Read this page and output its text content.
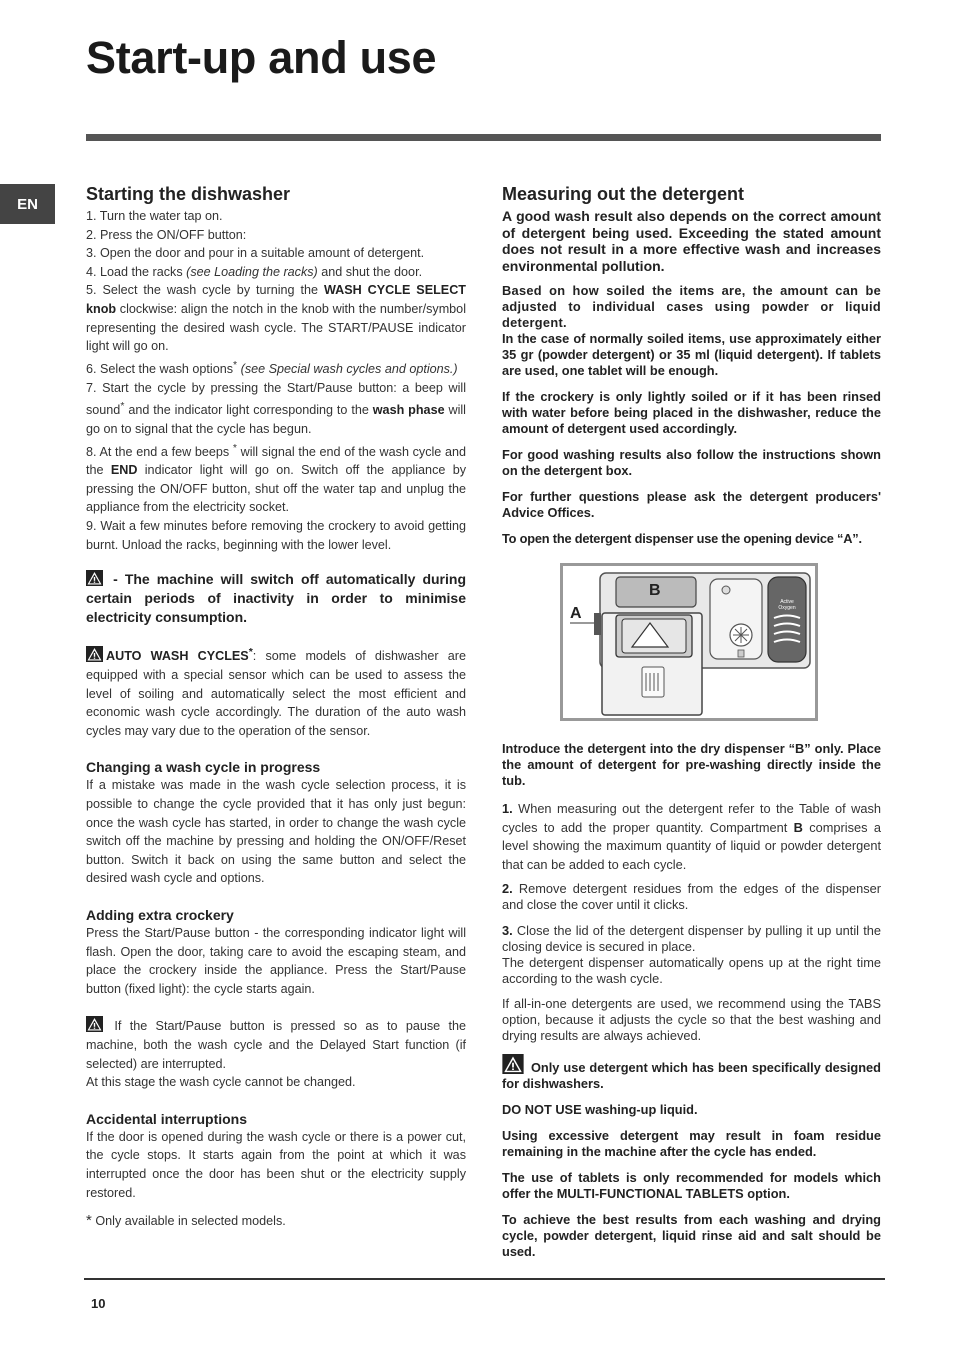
Start-up and use
EN	Starting the dishwasher

1. Turn the water tap on.

2. Press the ON/OFF button:

3. Open the door and pour in a suitable amount of detergent.

4. Load the racks (see Loading the racks) and shut the door.

5. Select the wash cycle by turning the WASH CYCLE SELECT knob clockwise: align the notch in the knob with the number/symbol representing the desired wash cycle. The START/PAUSE indicator light will go on.

6. Select the wash options* (see Special wash cycles and options.)

7. Start the cycle by pressing the Start/Pause button: a beep will sound* and the indicator light corresponding to the wash phase will go on to signal that the cycle has begun.

8. At the end a few beeps * will signal the end of the wash cycle and the END indicator light will go on. Switch off the appliance by pressing the ON/OFF button, shut off the water tap and unplug the appliance from the electricity socket.

9. Wait a few minutes before removing the crockery to avoid getting burnt. Unload the racks, beginning with the lower level.

- The machine will switch off automatically during certain periods of inactivity in order to minimise electricity consumption.

AUTO WASH CYCLES*: some models of dishwasher are equipped with a special sensor which can be used to assess the level of soiling and automatically select the most efficient and economic wash cycle accordingly. The duration of the auto wash cycles may vary due to the operation of the sensor.

Changing a wash cycle in progress

If a mistake was made in the wash cycle selection process, it is possible to change the cycle provided that it has only just begun: once the wash cycle has started, in order to change the wash cycle switch off the machine by pressing and holding the ON/OFF/Reset button. Switch it back on using the same button and select the desired wash cycle and options.

Adding extra crockery

Press the Start/Pause button - the corresponding indicator light will flash. Open the door, taking care to avoid the escaping steam, and place the crockery inside the appliance. Press the Start/Pause button (fixed light): the cycle starts again.

If the Start/Pause button is pressed so as to pause the machine, both the wash cycle and the Delayed Start function (if selected) are interrupted.

At this stage the wash cycle cannot be changed.

Accidental interruptions

If the door is opened during the wash cycle or there is a power cut, the cycle stops. It starts again from the point at which it was interrupted once the door has been shut or the electricity supply restored.

* Only available in selected models.

Measuring out the detergent

A good wash result also depends on the correct amount of detergent being used. Exceeding the stated amount does not result in a more effective wash and increases environmental pollution.

Based on how soiled the items are, the amount can be adjusted to individual cases using powder or liquid detergent.

In the case of normally soiled items, use approximately either 35 gr (powder detergent) or 35 ml (liquid detergent). If tablets are used, one tablet will be enough.

If the crockery is only lightly soiled or if it has been rinsed with water before being placed in the dishwasher, reduce the amount of detergent used accordingly.

For good washing results also follow the instructions shown on the detergent box.

For further questions please ask the detergent producers' Advice Offices.

To open the detergent dispenser use the opening device “A”.

Active
Oxygen
A
B

Introduce the detergent into the dry dispenser “B” only. Place the amount of detergent for pre-washing directly inside the tub.

1. When measuring out the detergent refer to the Table of wash cycles to add the proper quantity. Compartment B comprises a level showing the maximum quantity of liquid or powder detergent that can be added to each cycle.

2. Remove detergent residues from the edges of the dispenser and close the cover until it clicks.

3. Close the lid of the detergent dispenser by pulling it up until the closing device is secured in place.

The detergent dispenser automatically opens up at the right time according to the wash cycle.

If all-in-one detergents are used, we recommend using the TABS option, because it adjusts the cycle so that the best washing and drying results are always achieved.

Only use detergent which has been specifically designed for dishwashers.

DO NOT USE washing-up liquid.

Using excessive detergent may result in foam residue remaining in the machine after the cycle has ended.

The use of tablets is only recommended for models which offer the MULTI-FUNCTIONAL TABLETS option.

To achieve the best results from each washing and drying cycle, powder detergent, liquid rinse aid and salt should be used.

10
